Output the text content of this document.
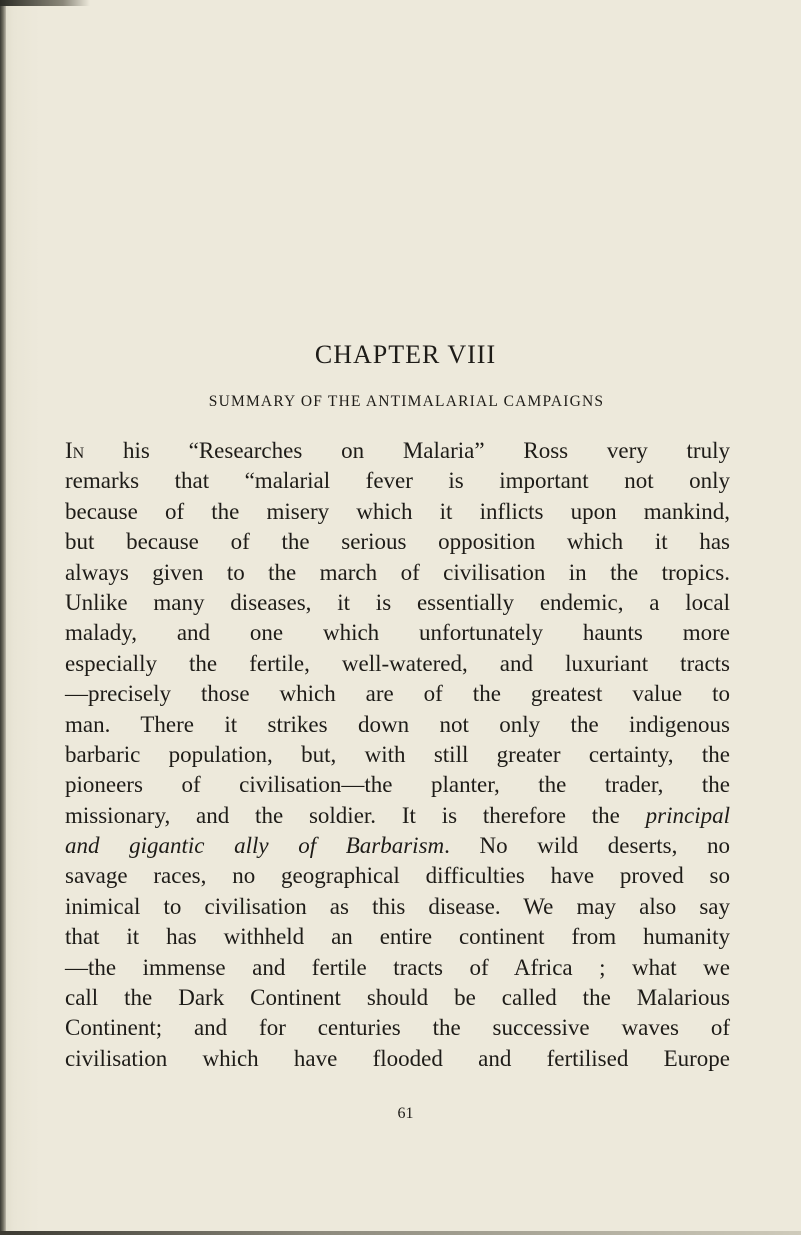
CHAPTER VIII
SUMMARY OF THE ANTIMALARIAL CAMPAIGNS
In his “Researches on Malaria” Ross very truly
remarks that “malarial fever is important not only
because of the misery which it inflicts upon mankind,
but because of the serious opposition which it has
always given to the march of civilisation in the tropics.
Unlike many diseases, it is essentially endemic, a local
malady, and one which unfortunately haunts more
especially the fertile, well-watered, and luxuriant tracts
—precisely those which are of the greatest value to
man. There it strikes down not only the indigenous
barbaric population, but, with still greater certainty, the
pioneers of civilisation—the planter, the trader, the
missionary, and the soldier. It is therefore the principal
and gigantic ally of Barbarism. No wild deserts, no
savage races, no geographical difficulties have proved so
inimical to civilisation as this disease. We may also say
that it has withheld an entire continent from humanity
—the immense and fertile tracts of Africa ; what we
call the Dark Continent should be called the Malarious
Continent; and for centuries the successive waves of
civilisation which have flooded and fertilised Europe
61
